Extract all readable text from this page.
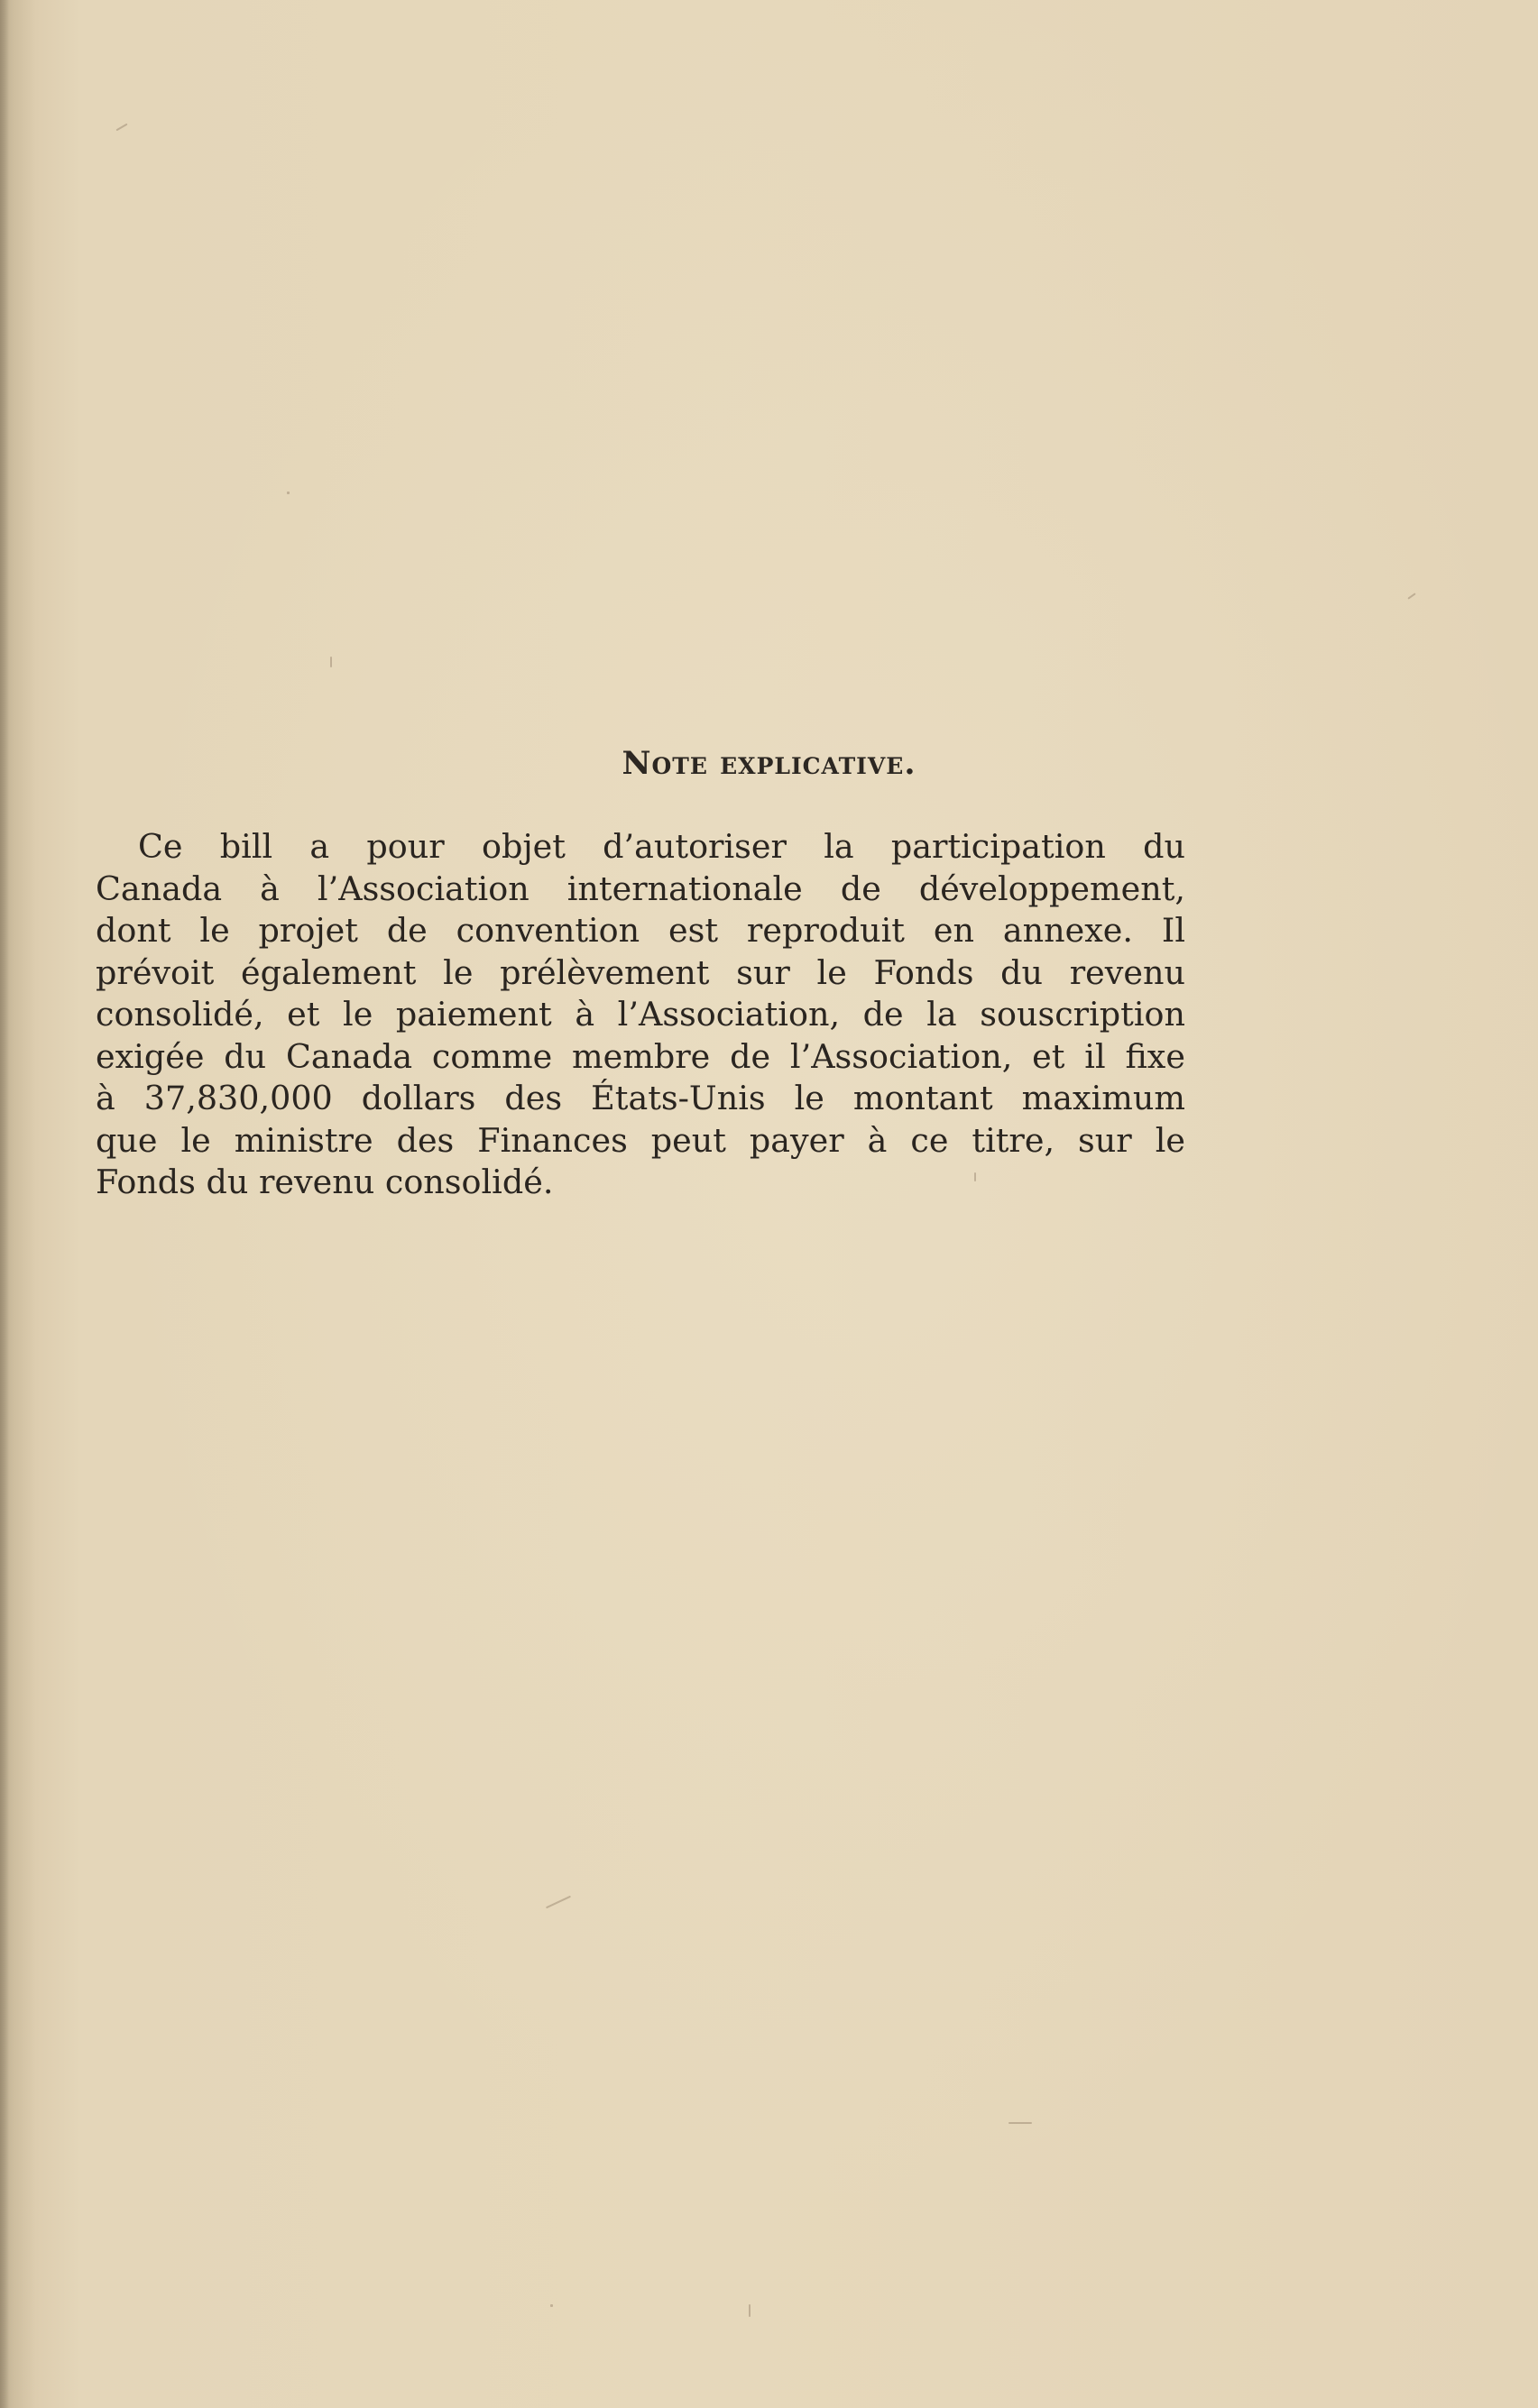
Note explicative.
Ce bill a pour objet d’autoriser la participation du
Canada à l’Association internationale de développement,
dont le projet de convention est reproduit en annexe. Il
prévoit également le prélèvement sur le Fonds du revenu
consolidé, et le paiement à l’Association, de la souscription
exigée du Canada comme membre de l’Association, et il fixe
à 37,830,000 dollars des États-Unis le montant maximum
que le ministre des Finances peut payer à ce titre, sur le
Fonds du revenu consolidé.
